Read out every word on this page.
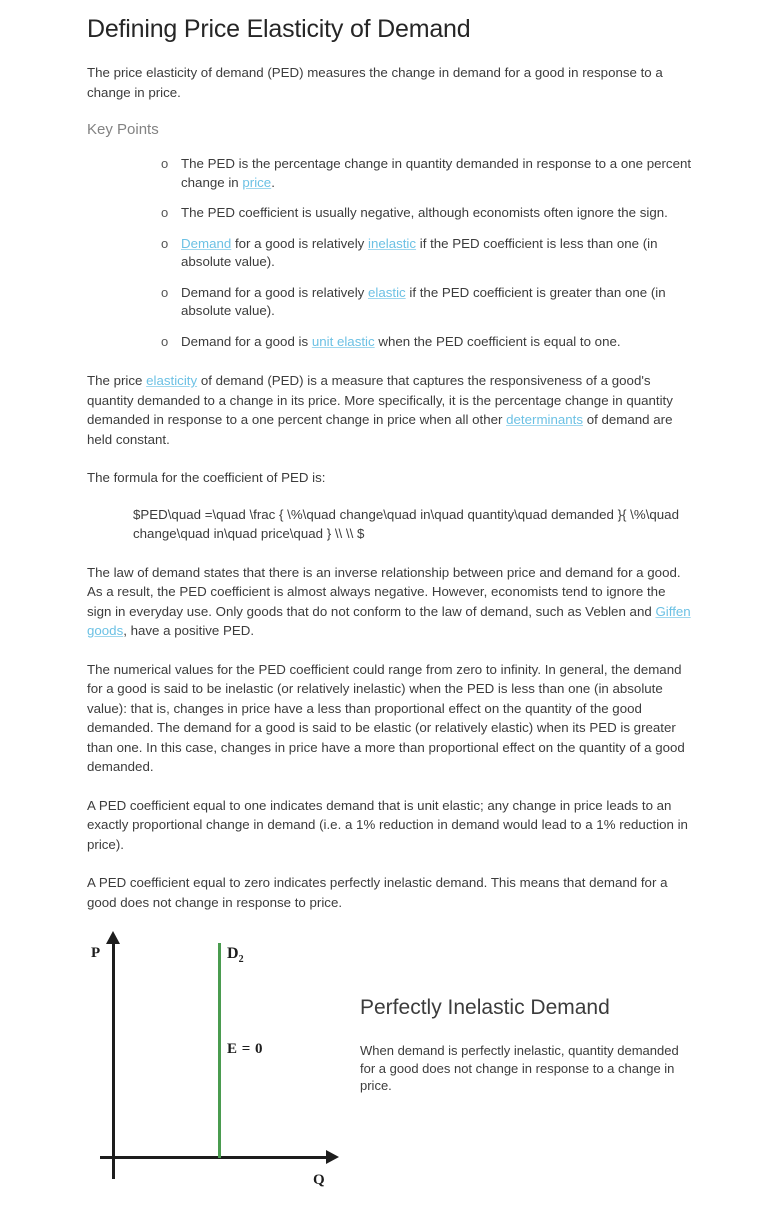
Defining Price Elasticity of Demand

The price elasticity of demand (PED) measures the change in demand for a good in response to a change in price.

Key Points
o The PED is the percentage change in quantity demanded in response to a one percent change in price.
o The PED coefficient is usually negative, although economists often ignore the sign.
o Demand for a good is relatively inelastic if the PED coefficient is less than one (in absolute value).
o Demand for a good is relatively elastic if the PED coefficient is greater than one (in absolute value).
o Demand for a good is unit elastic when the PED coefficient is equal to one.

The price elasticity of demand (PED) is a measure that captures the responsiveness of a good's quantity demanded to a change in its price. More specifically, it is the percentage change in quantity demanded in response to a one percent change in price when all other determinants of demand are held constant.

The formula for the coefficient of PED is:

$PED\quad =\quad \frac { \%\quad change\quad in\quad quantity\quad demanded }{ \%\quad change\quad in\quad price\quad } \\ \\ $

The law of demand states that there is an inverse relationship between price and demand for a good. As a result, the PED coefficient is almost always negative. However, economists tend to ignore the sign in everyday use. Only goods that do not conform to the law of demand, such as Veblen and Giffen goods, have a positive PED.

The numerical values for the PED coefficient could range from zero to infinity. In general, the demand for a good is said to be inelastic (or relatively inelastic) when the PED is less than one (in absolute value): that is, changes in price have a less than proportional effect on the quantity of the good demanded. The demand for a good is said to be elastic (or relatively elastic) when its PED is greater than one. In this case, changes in price have a more than proportional effect on the quantity of a good demanded.

A PED coefficient equal to one indicates demand that is unit elastic; any change in price leads to an exactly proportional change in demand (i.e. a 1% reduction in demand would lead to a 1% reduction in price).

A PED coefficient equal to zero indicates perfectly inelastic demand. This means that demand for a good does not change in response to price.

P
Q
$D_2$
E = 0
Perfectly Inelastic Demand

When demand is perfectly inelastic, quantity demanded for a good does not change in response to a change in price.
